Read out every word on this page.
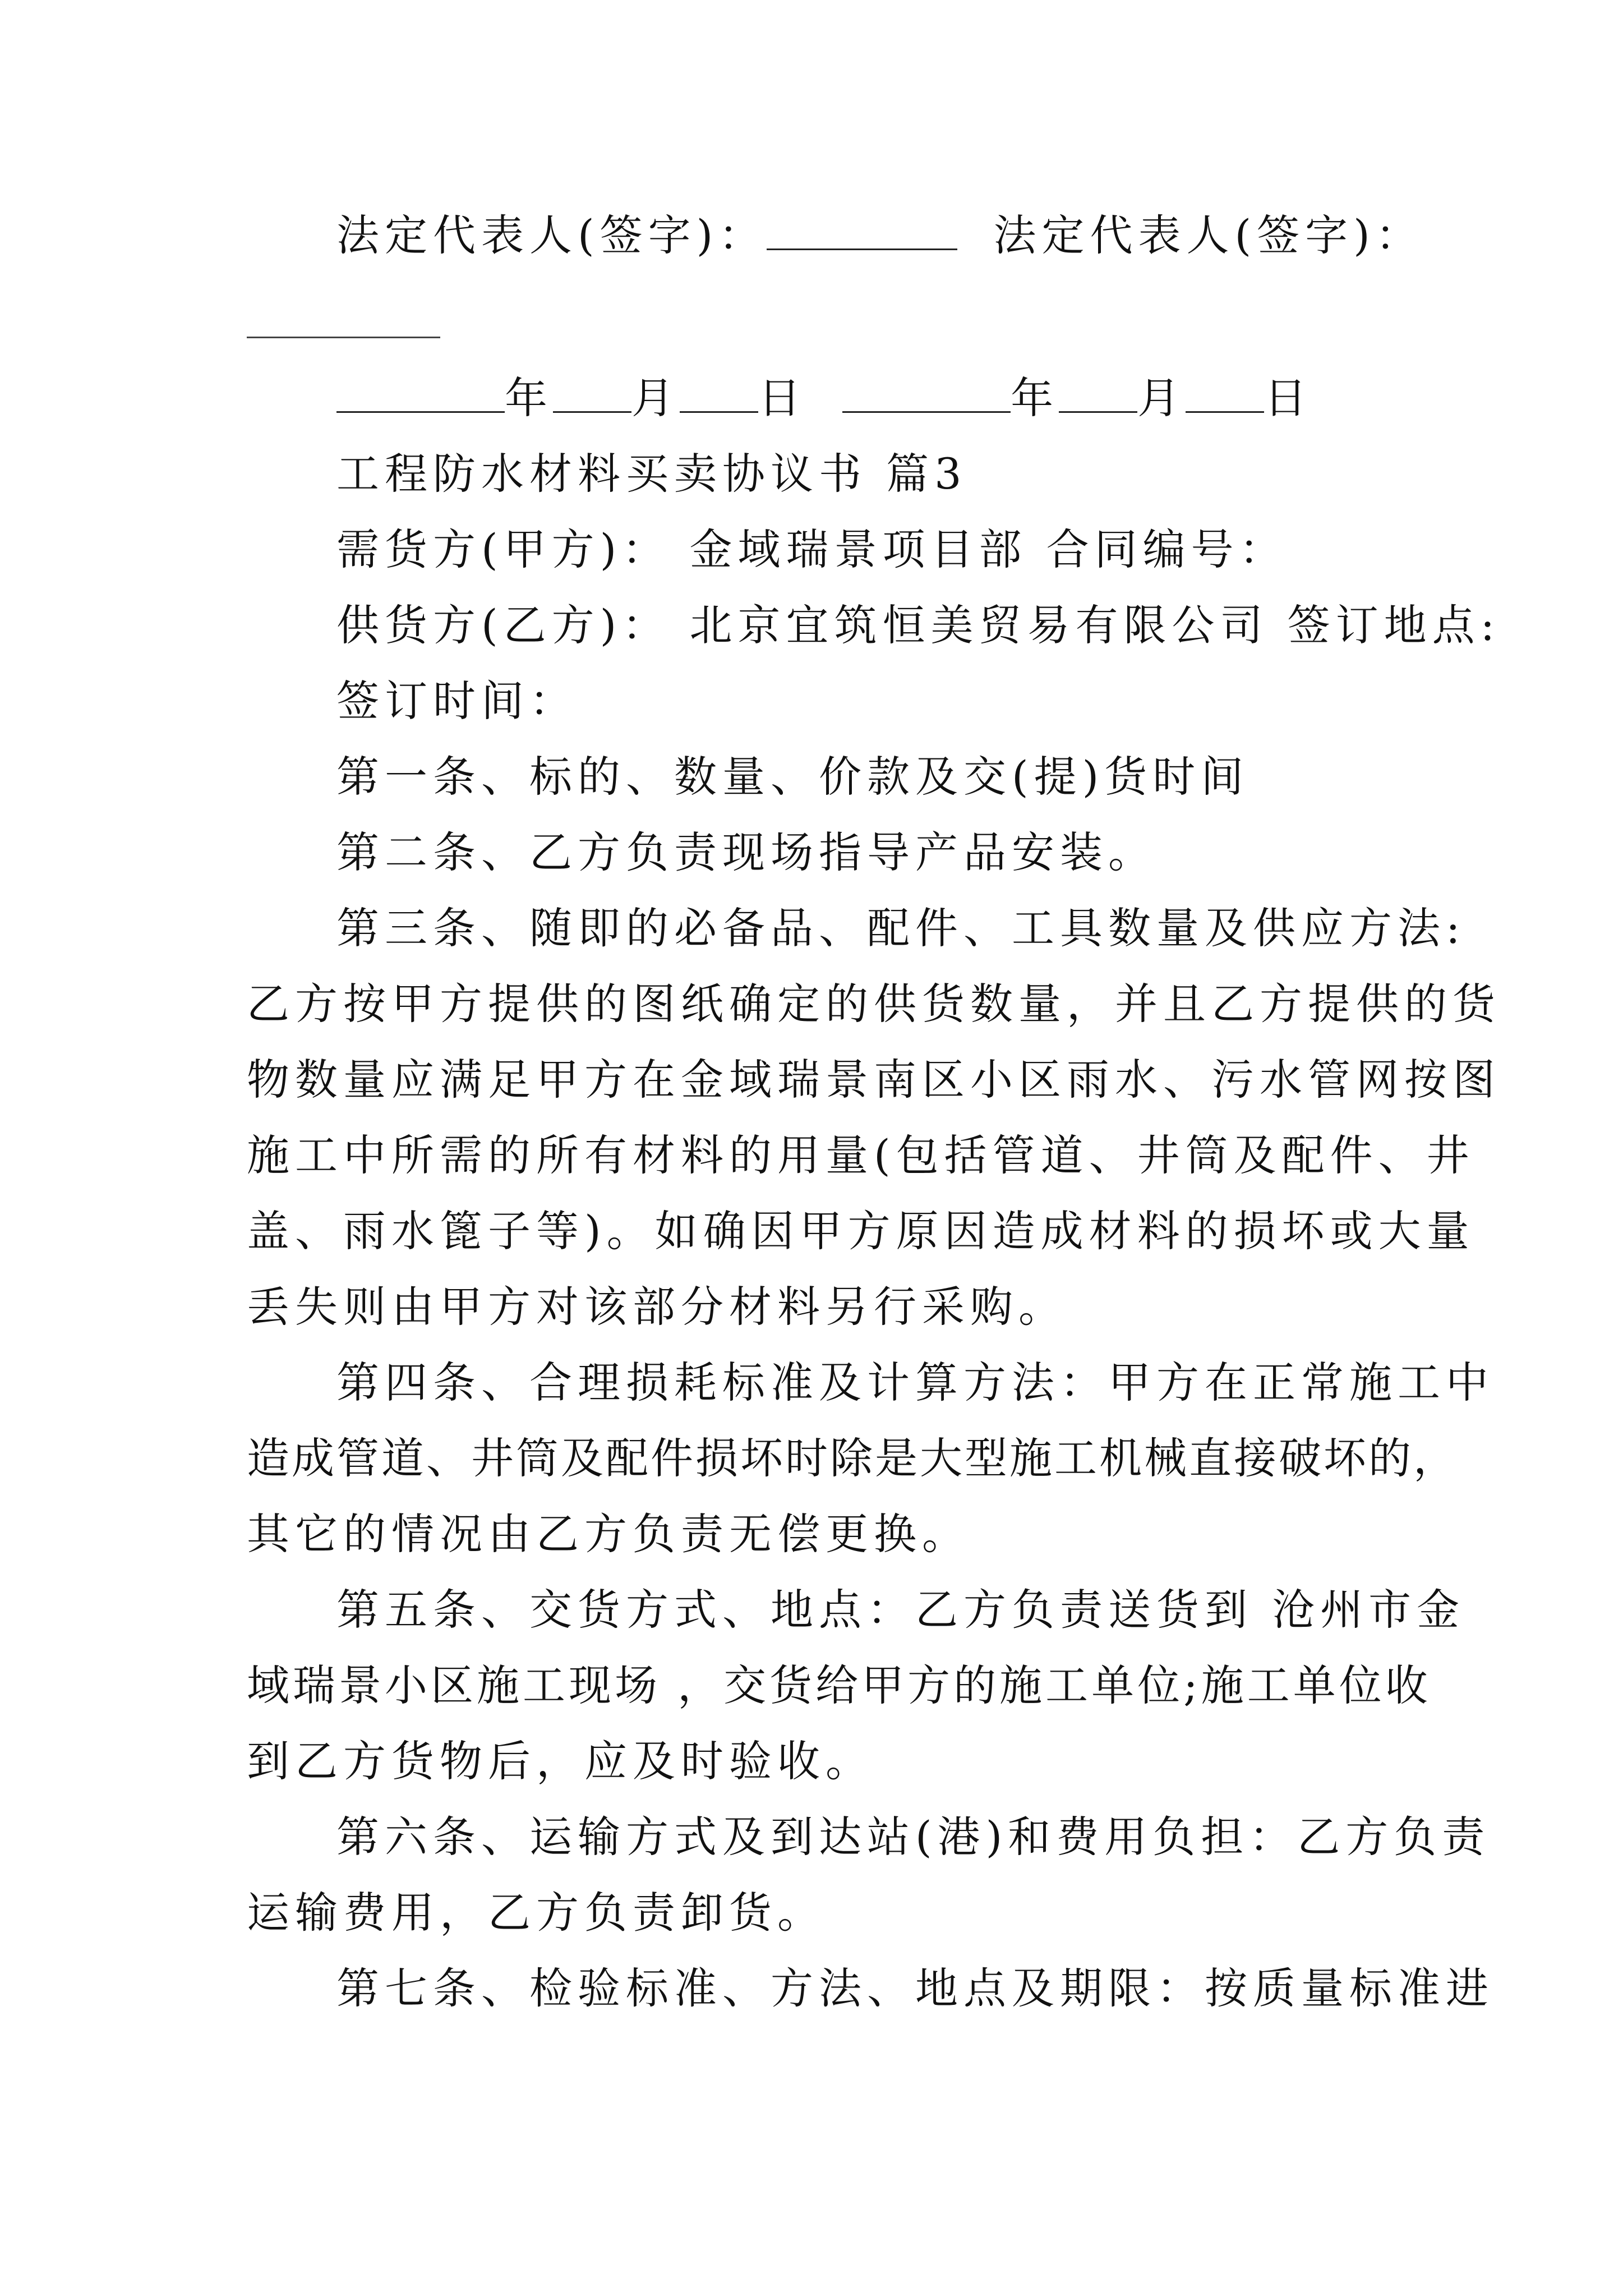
法定代表人(签字)：	法定代表人(签字)：
年 月 日	年 月 日
工程防水材料买卖协议书 篇3
需货方(甲方)： 金域瑞景项目部 合同编号：
供货方(乙方)： 北京宜筑恒美贸易有限公司 签订地点:
签订时间：
第一条、标的、数量、价款及交(提)货时间
第二条、乙方负责现场指导产品安装。
第三条、随即的必备品、配件、工具数量及供应方法:
乙方按甲方提供的图纸确定的供货数量，并且乙方提供的货
物数量应满足甲方在金域瑞景南区小区雨水、污水管网按图
施工中所需的所有材料的用量(包括管道、井筒及配件、井
盖、雨水篦子等)。如确因甲方原因造成材料的损坏或大量
丢失则由甲方对该部分材料另行采购。
第四条、合理损耗标准及计算方法：甲方在正常施工中
造成管道、井筒及配件损坏时除是大型施工机械直接破坏的，
其它的情况由乙方负责无偿更换。
第五条、交货方式、地点：乙方负责送货到 沧州市金
域瑞景小区施工现场 ，交货给甲方的施工单位;施工单位收
到乙方货物后，应及时验收。
第六条、运输方式及到达站(港)和费用负担：乙方负责
运输费用，乙方负责卸货。
第七条、检验标准、方法、地点及期限：按质量标准进
